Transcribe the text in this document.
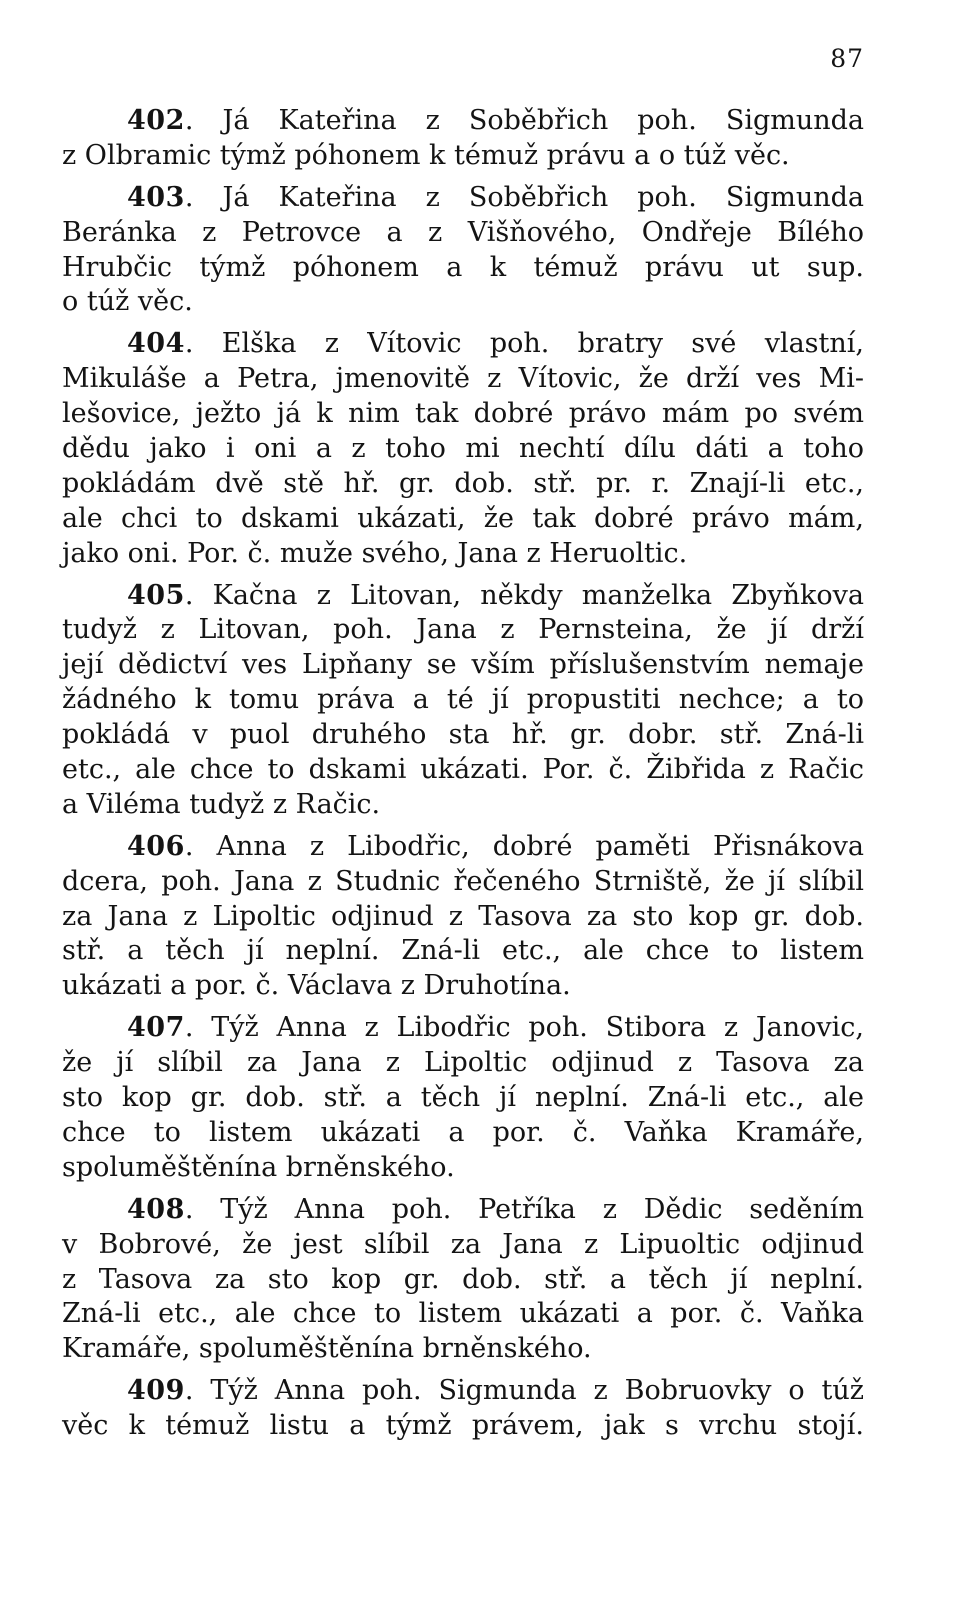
87
402. Já Kateřina z Soběbřich poh. Sigmunda
z Olbramic týmž póhonem k témuž právu a o túž věc.
403. Já Kateřina z Soběbřich poh. Sigmunda
Beránka z Petrovce a z Višňového, Ondřeje Bílého
Hrubčic týmž póhonem a k témuž právu ut sup.
o túž věc.
404. Elška z Vítovic poh. bratry své vlastní,
Mikuláše a Petra, jmenovitě z Vítovic, že drží ves Mi-
lešovice, ježto já k nim tak dobré právo mám po svém
dědu jako i oni a z toho mi nechtí dílu dáti a toho
pokládám dvě stě hř. gr. dob. stř. pr. r. Znají-li etc.,
ale chci to dskami ukázati, že tak dobré právo mám,
jako oni. Por. č. muže svého, Jana z Heruoltic.
405. Kačna z Litovan, někdy manželka Zbyňkova
tudyž z Litovan, poh. Jana z Pernsteina, že jí drží
její dědictví ves Lipňany se vším příslušenstvím nemaje
žádného k tomu práva a té jí propustiti nechce; a to
pokládá v puol druhého sta hř. gr. dobr. stř. Zná-li
etc., ale chce to dskami ukázati. Por. č. Žibřida z Račic
a Viléma tudyž z Račic.
406. Anna z Libodřic, dobré paměti Přisnákova
dcera, poh. Jana z Studnic řečeného Strniště, že jí slíbil
za Jana z Lipoltic odjinud z Tasova za sto kop gr. dob.
stř. a těch jí neplní. Zná-li etc., ale chce to listem
ukázati a por. č. Václava z Druhotína.
407. Týž Anna z Libodřic poh. Stibora z Janovic,
že jí slíbil za Jana z Lipoltic odjinud z Tasova za
sto kop gr. dob. stř. a těch jí neplní. Zná-li etc., ale
chce to listem ukázati a por. č. Vaňka Kramáře,
spoluměštěnína brněnského.
408. Týž Anna poh. Petříka z Dědic seděním
v Bobrové, že jest slíbil za Jana z Lipuoltic odjinud
z Tasova za sto kop gr. dob. stř. a těch jí neplní.
Zná-li etc., ale chce to listem ukázati a por. č. Vaňka
Kramáře, spoluměštěnína brněnského.
409. Týž Anna poh. Sigmunda z Bobruovky o túž
věc k témuž listu a týmž právem, jak s vrchu stojí.
